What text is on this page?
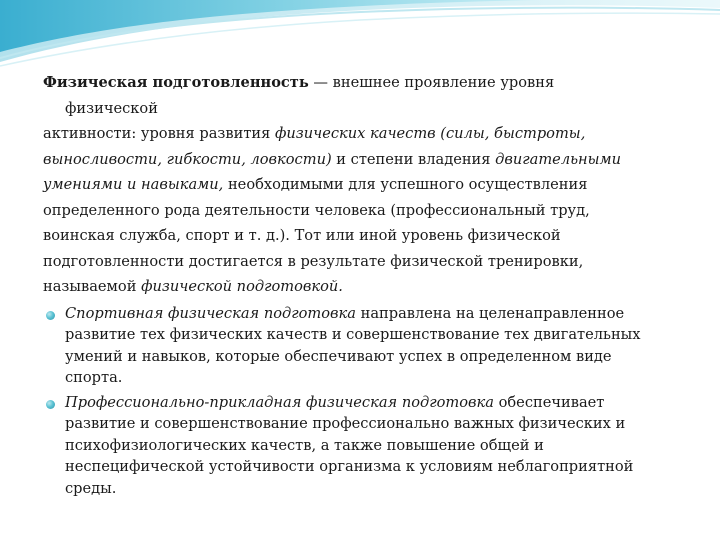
Физическая подготовленность — внешнее проявление уровня
физической
активности: уровня развития физических качеств (силы, быстроты,
выносливости, гибкости, ловкости) и степени владения двигательными
умениями и навыками, необходимыми для успешного осуществления
определенного рода деятельности человека (профессиональный труд,
воинская служба, спорт и т. д.). Тот или иной уровень физической
подготовленности достигается в результате физической тренировки,
называемой физической подготовкой.
Спортивная физическая подготовка направлена на целенаправленное
развитие тех физических качеств и совершенствование тех двигательных
умений и навыков, которые обеспечивают успех в определенном виде
спорта.
Профессионально-прикладная физическая подготовка обеспечивает
развитие и совершенствование профессионально важных физических и
психофизиологических качеств, а также повышение общей и
неспецифической устойчивости организма к условиям неблагоприятной
среды.
